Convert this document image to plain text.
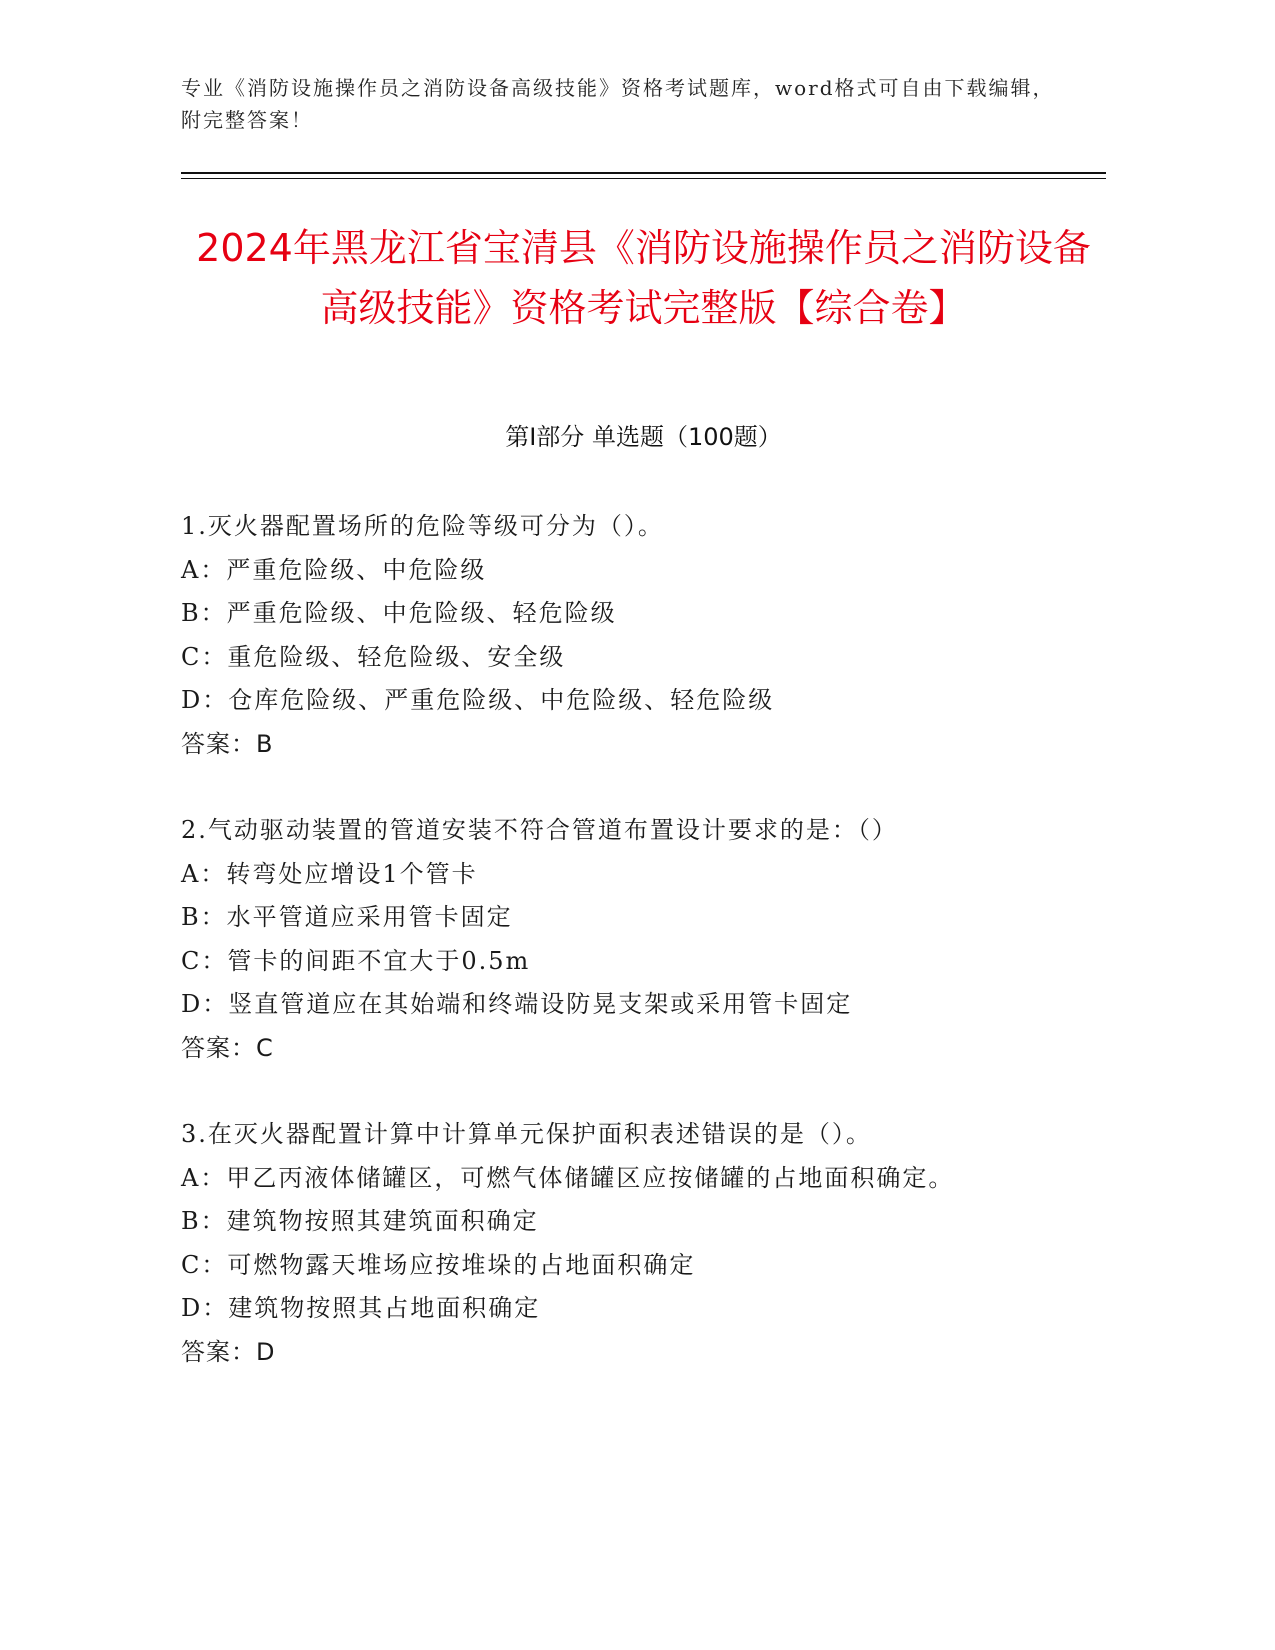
专业《消防设施操作员之消防设备高级技能》资格考试题库，word格式可自由下载编辑，附完整答案！
2024年黑龙江省宝清县《消防设施操作员之消防设备高级技能》资格考试完整版【综合卷】
第Ⅰ部分 单选题（100题）
1.灭火器配置场所的危险等级可分为（）。
A：严重危险级、中危险级
B：严重危险级、中危险级、轻危险级
C：重危险级、轻危险级、安全级
D：仓库危险级、严重危险级、中危险级、轻危险级
答案：B
2.气动驱动装置的管道安装不符合管道布置设计要求的是：（）
A：转弯处应增设1个管卡
B：水平管道应采用管卡固定
C：管卡的间距不宜大于0.5m
D：竖直管道应在其始端和终端设防晃支架或采用管卡固定
答案：C
3.在灭火器配置计算中计算单元保护面积表述错误的是（）。
A：甲乙丙液体储罐区，可燃气体储罐区应按储罐的占地面积确定。
B：建筑物按照其建筑面积确定
C：可燃物露天堆场应按堆垛的占地面积确定
D：建筑物按照其占地面积确定
答案：D
